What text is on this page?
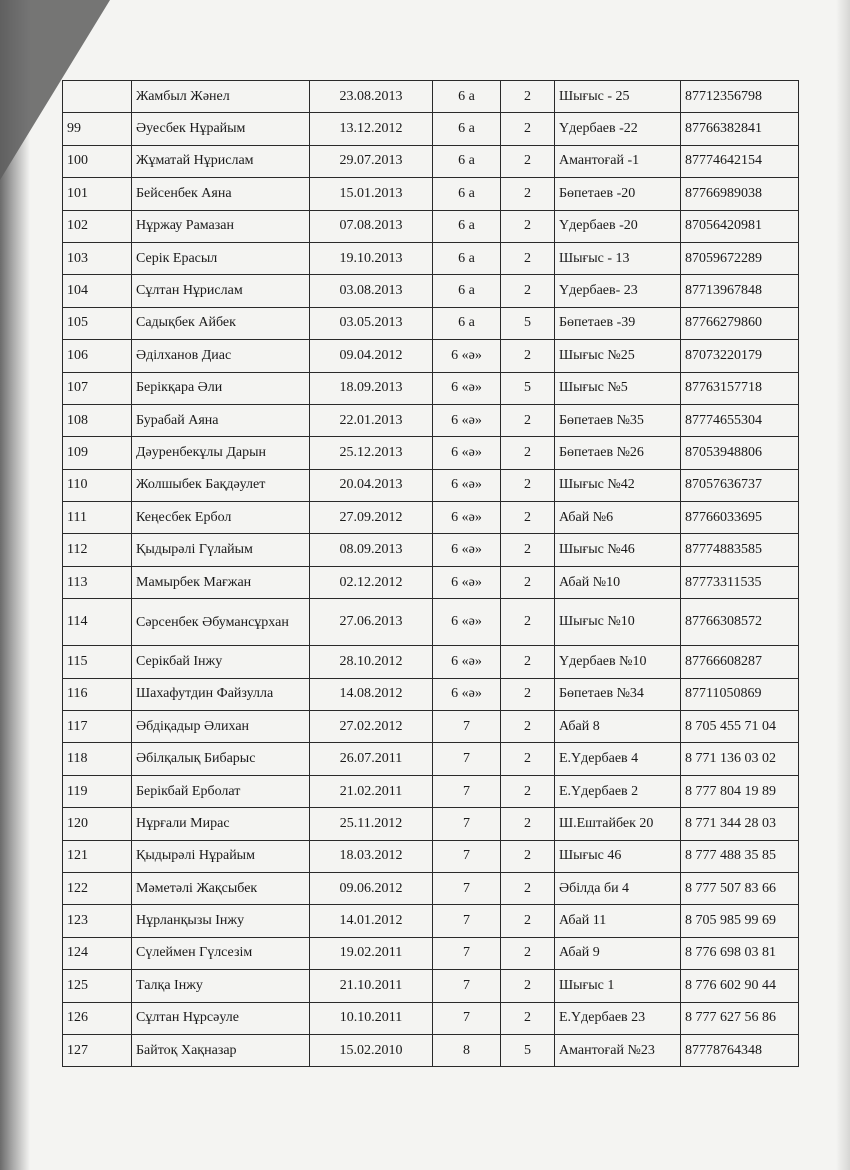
	Жамбыл Жәнел	23.08.2013	6 а	2	Шығыс - 25	87712356798
99	Әуесбек Нұрайым	13.12.2012	6 а	2	Үдербаев -22	87766382841
100	Жұматай Нұрислам	29.07.2013	6 а	2	Амантоғай -1	87774642154
101	Бейсенбек Аяна	15.01.2013	6 а	2	Бөпетаев -20	87766989038
102	Нұржау Рамазан	07.08.2013	6 а	2	Үдербаев -20	87056420981
103	Серік Ерасыл	19.10.2013	6 а	2	Шығыс - 13	87059672289
104	Сұлтан Нұрислам	03.08.2013	6 а	2	Үдербаев- 23	87713967848
105	Садықбек Айбек	03.05.2013	6 а	5	Бөпетаев -39	87766279860
106	Әділханов Диас	09.04.2012	6 «ә»	2	Шығыс №25	87073220179
107	Берікқара Әли	18.09.2013	6 «ә»	5	Шығыс №5	87763157718
108	Бурабай Аяна	22.01.2013	6 «ә»	2	Бөпетаев №35	87774655304
109	Дәуренбекұлы Дарын	25.12.2013	6 «ә»	2	Бөпетаев №26	87053948806
110	Жолшыбек Бақдәулет	20.04.2013	6 «ә»	2	Шығыс №42	87057636737
111	Кеңесбек Ербол	27.09.2012	6 «ә»	2	Абай №6	87766033695
112	Қыдырәлі Гүлайым	08.09.2013	6 «ә»	2	Шығыс №46	87774883585
113	Мамырбек Мағжан	02.12.2012	6 «ә»	2	Абай №10	87773311535
114	Сәрсенбек Әбумансұрхан	27.06.2013	6 «ә»	2	Шығыс №10	87766308572
115	Серікбай Інжу	28.10.2012	6 «ә»	2	Үдербаев №10	87766608287
116	Шахафутдин Файзулла	14.08.2012	6 «ә»	2	Бөпетаев №34	87711050869
117	Әбдіқадыр Әлихан	27.02.2012	7	2	Абай 8	8 705 455 71 04
118	Әбілқалық Бибарыс	26.07.2011	7	2	Е.Үдербаев 4	8 771 136 03 02
119	Берікбай Ерболат	21.02.2011	7	2	Е.Үдербаев 2	8 777 804 19 89
120	Нұрғали Мирас	25.11.2012	7	2	Ш.Ештайбек 20	8 771 344 28 03
121	Қыдырәлі Нұрайым	18.03.2012	7	2	Шығыс 46	8 777 488 35 85
122	Мәметәлі Жақсыбек	09.06.2012	7	2	Әбілда би 4	8 777 507 83 66
123	Нұрланқызы Інжу	14.01.2012	7	2	Абай 11	8 705 985 99 69
124	Сүлеймен Гүлсезім	19.02.2011	7	2	Абай 9	8 776 698 03 81
125	Талқа Інжу	21.10.2011	7	2	Шығыс 1	8 776 602 90 44
126	Сұлтан Нұрсәуле	10.10.2011	7	2	Е.Үдербаев 23	8 777 627 56 86
127	Байтоқ Хақназар	15.02.2010	8	5	Амантоғай №23	87778764348
